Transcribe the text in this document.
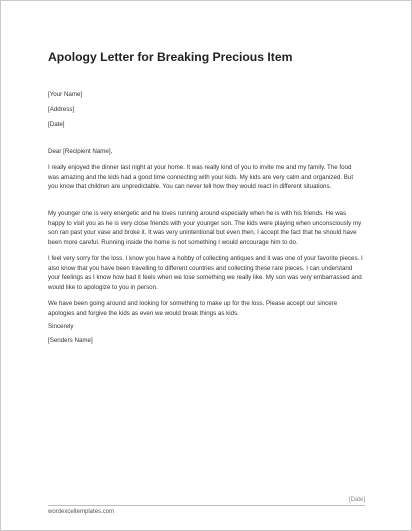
Apology Letter for Breaking Precious Item
[Your Name]
[Address]
[Date]
Dear [Recipient Name],

I really enjoyed the dinner last night at your home. It was really kind of you to invite me and my family. The food was amazing and the kids had a good time connecting with your kids. My kids are very calm and organized. But you know that children are unpredictable. You can never tell how they would react in different situations.

My younger one is very energetic and he loves running around especially when he is with his friends. He was happy to visit you as he is very close friends with your younger son. The kids were playing when unconsciously my son ran past your vase and broke it. It was very unintentional but even then, I accept the fact that he should have been more careful. Running inside the home is not something I would encourage him to do.

I feel very sorry for the loss. I know you have a hobby of collecting antiques and it was one of your favorite pieces. I also know that you have been travelling to different countries and collecting these rare pieces. I can understand your feelings as I know how bad it feels when we lose something we really like. My son was very embarrassed and would like to apologize to you in person.

We have been going around and looking for something to make up for the loss. Please accept our sincere apologies and forgive the kids as even we would break things as kids.

Sincerely
[Senders Name]
[Date]
wordexceltemplates.com
